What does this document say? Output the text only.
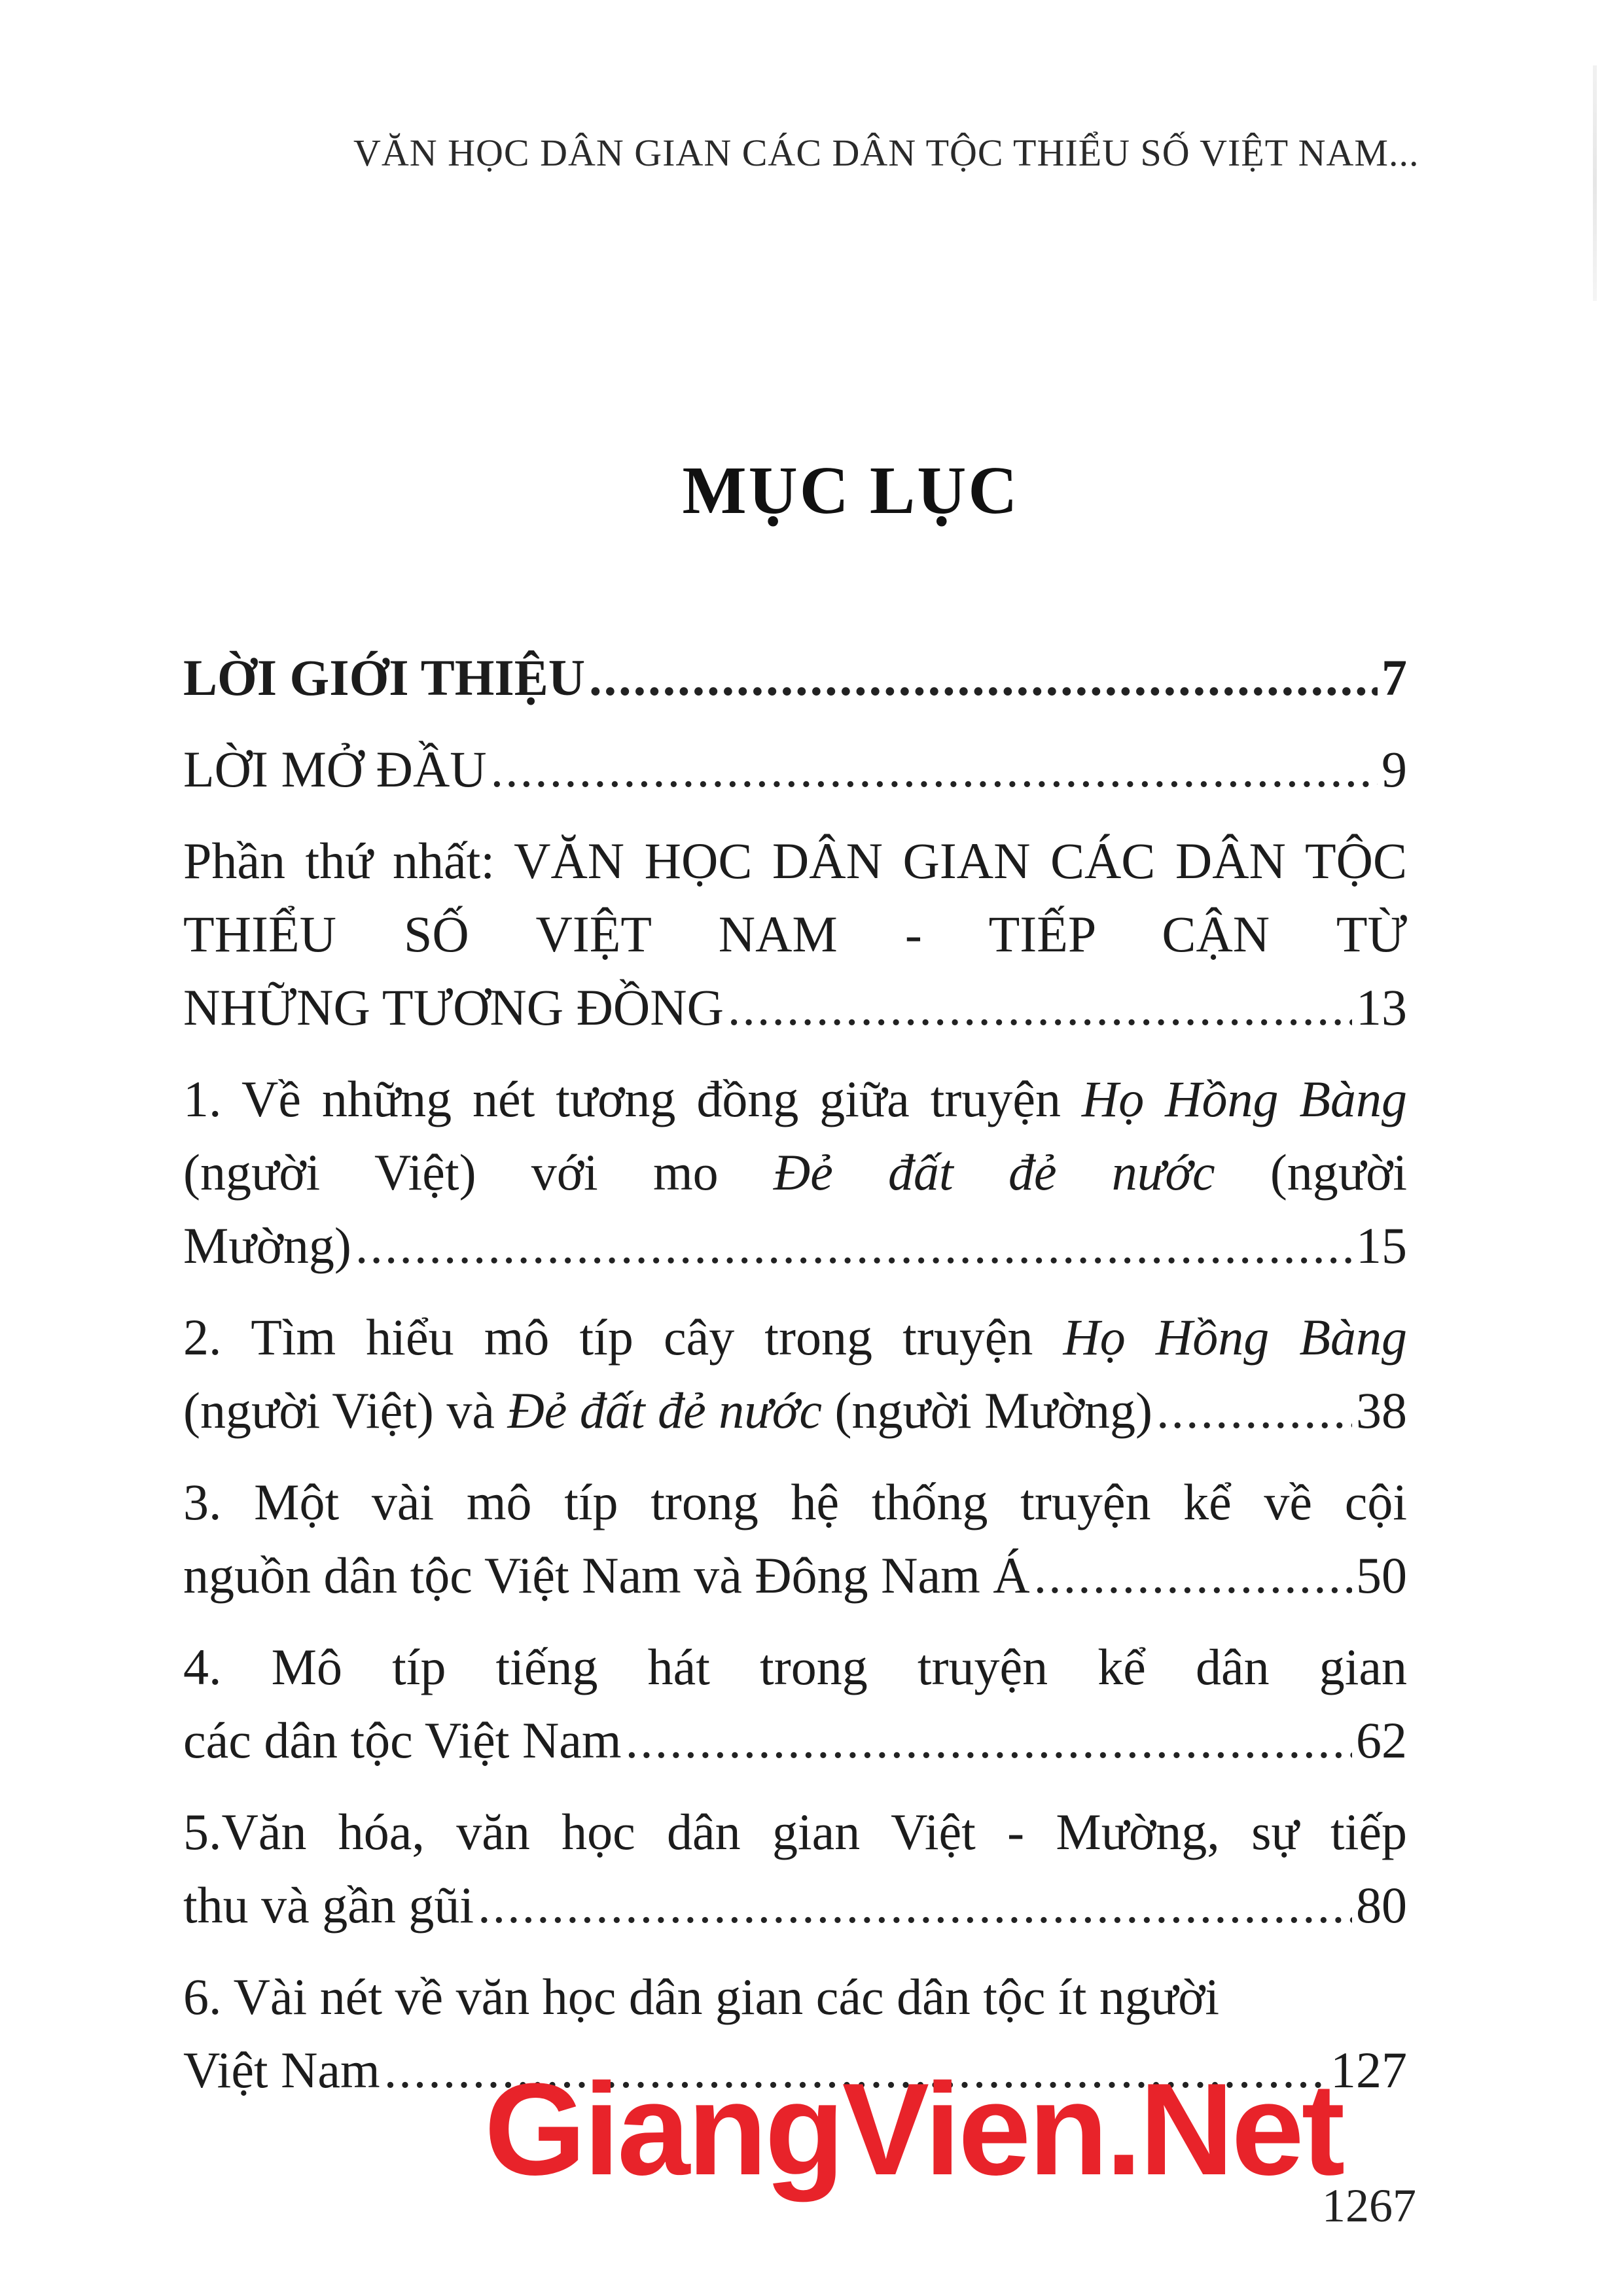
VĂN HỌC DÂN GIAN CÁC DÂN TỘC THIỂU SỐ VIỆT NAM...
MỤC LỤC
LỜI GIỚI THIỆU .....	7
LỜI MỞ ĐẦU .....	9
Phần thứ nhất: VĂN HỌC DÂN GIAN CÁC DÂN TỘC THIỂU SỐ VIỆT NAM - TIẾP CẬN TỪ
NHỮNG TƯƠNG ĐỒNG .....	13
1. Về những nét tương đồng giữa truyện Họ Hồng Bàng (người Việt) với mo Đẻ đất đẻ nước (người
Mường) .....	15
2. Tìm hiểu mô típ cây trong truyện Họ Hồng Bàng
(người Việt) và Đẻ đất đẻ nước (người Mường) .....	38
3. Một vài mô típ trong hệ thống truyện kể về cội
nguồn dân tộc Việt Nam và Đông Nam Á .....	50
4. Mô típ tiếng hát trong truyện kể dân gian
các dân tộc Việt Nam .....	62
5.Văn hóa, văn học dân gian Việt - Mường, sự tiếp
thu và gần gũi .....	80
6. Vài nét về văn học dân gian các dân tộc ít người
Việt Nam .....	127
GiangVien.Net
1267
